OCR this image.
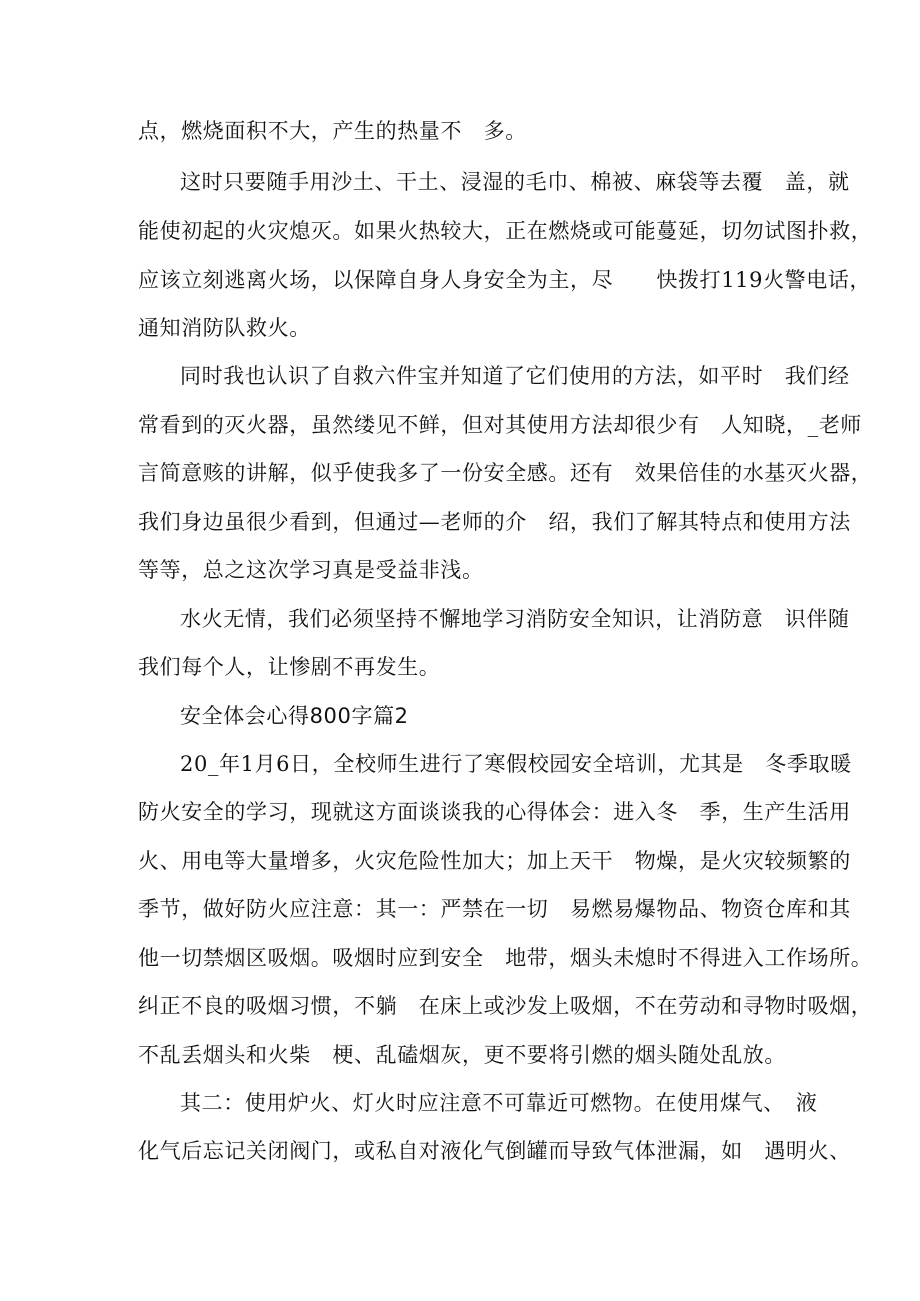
点，燃烧面积不大，产生的热量不　多。
这时只要随手用沙土、干土、浸湿的毛巾、棉被、麻袋等去覆　盖，就
能使初起的火灾熄灭。如果火热较大，正在燃烧或可能蔓延，切勿试图扑救，
应该立刻逃离火场，以保障自身人身安全为主，尽　　快拨打119火警电话，
通知消防队救火。
同时我也认识了自救六件宝并知道了它们使用的方法，如平时　我们经
常看到的灭火器，虽然缕见不鲜，但对其使用方法却很少有　人知晓，_老师
言简意赅的讲解，似乎使我多了一份安全感。还有　效果倍佳的水基灭火器，
我们身边虽很少看到，但通过—老师的介　绍，我们了解其特点和使用方法
等等，总之这次学习真是受益非浅。
水火无情，我们必须坚持不懈地学习消防安全知识，让消防意　识伴随
我们每个人，让惨剧不再发生。
安全体会心得800字篇2
20_年1月6日，全校师生进行了寒假校园安全培训，尤其是　冬季取暖
防火安全的学习，现就这方面谈谈我的心得体会：进入冬　季，生产生活用
火、用电等大量增多，火灾危险性加大；加上天干　物燥，是火灾较频繁的
季节，做好防火应注意：其一：严禁在一切　易燃易爆物品、物资仓库和其
他一切禁烟区吸烟。吸烟时应到安全　地带，烟头未熄时不得进入工作场所。
纠正不良的吸烟习惯，不躺　在床上或沙发上吸烟，不在劳动和寻物时吸烟，
不乱丢烟头和火柴　梗、乱磕烟灰，更不要将引燃的烟头随处乱放。
其二：使用炉火、灯火时应注意不可靠近可燃物。在使用煤气、　液
化气后忘记关闭阀门，或私自对液化气倒罐而导致气体泄漏，如　遇明火、
